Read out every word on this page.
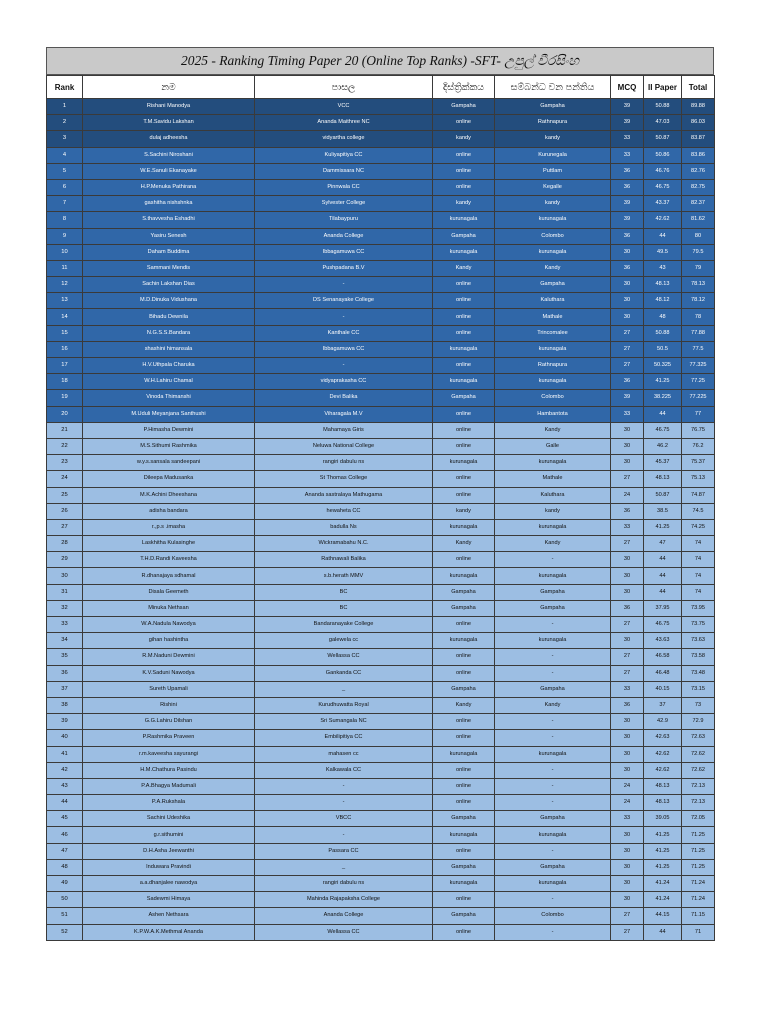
2025 - Ranking Timing Paper 20 (Online Top Ranks) -SFT- උපුල් වීරසිංහ
Rank	නම	පාසල	දිස්ත්‍රික්කය	සම්බන්ධ වන පන්තිය	MCQ	II Paper	Total
1	Rishani Manodya	VCC	Gampaha	Gampaha	39	50.88	89.88
2	T.M.Savidu Lakshan	Ananda Maithree NC	online	Rathnapura	39	47.03	86.03
3	dulaj adheesha	vidyartha college	kandy	kandy	33	50.87	83.87
4	S.Sachini Niroshani	Kuliyapitiya CC	online	Kurunegala	33	50.86	83.86
5	W.E.Sanuli Ekanayake	Dammissara NC	online	Puttlam	36	46.76	82.76
6	H.P.Menuka Pathirana	Pinnwala CC	online	Kegalle	36	46.75	82.75
7	gashitha nishshnka	Sylvester College	kandy	kandy	39	43.37	82.37
8	S.thavvesha Eshadhi	Tilabaypuru	kurunagala	kurunagala	39	42.62	81.62
9	Yasiru Senesh	Ananda College	Gampaha	Colombo	36	44	80
10	Daham Buddima	Ibbagamuwa CC	kurunagala	kurunagala	30	49.5	79.5
11	Sammani Mendis	Pushpadana B.V	Kandy	Kandy	36	43	79
12	Sachin Lakshan Dias	-	online	Gampaha	30	48.13	78.13
13	M.D.Dinuka Vidushana	DS Senanayake College	online	Kaluthara	30	48.12	78.12
14	Bihadu Dewnila	-	online	Mathale	30	48	78
15	N.G.S.S.Bandara	Kanthale CC	online	Trincomalee	27	50.88	77.88
16	shashini himansala	Ibbagamuwa CC	kurunagala	kurunagala	27	50.5	77.5
17	H.V.Uthpala Charuka	-	online	Rathnapura	27	50.325	77.325
18	W.H.Lahiru Chamal	vidyaprakasha CC	kurunagala	kurunagala	36	41.25	77.25
19	Vinoda Thimanshi	Devi Balika	Gampaha	Colombo	39	38.225	77.225
20	M.Uduli Meyanjana Santhushi	Viharagala M.V	online	Hambantota	33	44	77
21	P.Himasha Dewmini	Mahamaya Giris	online	Kandy	30	46.75	76.75
22	M.S.Sithumi Rashmika	Neluwa National College	online	Galle	30	46.2	76.2
23	w.y.s.sansala sandeepani	rangiri dabulu ns	kurunagala	kurunagala	30	45.37	75.37
24	Dileepa Madusanka	St Thomas College	online	Mathale	27	48.13	75.13
25	M.K.Achini Dheeshana	Ananda sastralaya Mathugama	online	Kaluthara	24	50.87	74.87
26	adisha bandara	hewaheta CC	kandy	kandy	36	38.5	74.5
27	r.,p.s .imasha	badulla Ns	kurunagala	kurunagala	33	41.25	74.25
28	Laskhitha Kulasinghe	Wickramabahu N.C.	Kandy	Kandy	27	47	74
29	T.H.D.Randi Kaveesha	Rathnawali Balika	online	-	30	44	74
30	R.dhanajaya sdhamal	s.b.herath MMV	kurunagala	kurunagala	30	44	74
31	Disala Geemeth	BC	Gampaha	Gampaha	30	44	74
32	Minuka Nethsan	BC	Gampaha	Gampaha	36	37.95	73.95
33	W.A.Nadula Nawodya	Bandaranayake College	online	-	27	46.75	73.75
34	gihan hashintha	galewela cc	kurunagala	kurunagala	30	43.63	73.63
35	R.M.Naduni Dewmini	Wellassa CC	online	-	27	46.58	73.58
36	K.V.Saduni Nawodya	Gankanda CC	online	-	27	46.48	73.48
37	Sureth Upamali	_	Gampaha	Gampaha	33	40.15	73.15
38	Rishini	Kurudhuwatta Royal	Kandy	Kandy	36	37	73
39	G.G.Lahiru Dilshan	Sri Sumangala NC	online	-	30	42.9	72.9
40	P.Rashmika Praveen	Embilipitiya CC	online	-	30	42.63	72.63
41	r.m.kaveesha sayurangi	mahasen cc	kurunagala	kurunagala	30	42.62	72.62
42	H.M.Chathura Pasindu	Kalkawala CC	online	-	30	42.62	72.62
43	P.A.Bhagya Madumali	-	online	-	24	48.13	72.13
44	P.A.Rukshala	-	online	-	24	48.13	72.13
45	Sachini Udeshika	VBCC	Gampaha	Gampaha	33	39.05	72.05
46	g.r.sithumini	-	kurunagala	kurunagala	30	41.25	71.25
47	D.H.Asha Jeewanthi	Passara CC	online	-	30	41.25	71.25
48	Induwara Pravindi	_	Gampaha	Gampaha	30	41.25	71.25
49	a.a.dhanjalee nawodya	rangiri dabulu ns	kurunagala	kurunagala	30	41.24	71.24
50	Sadewmi Himaya	Mahinda Rajapaksha College	online	-	30	41.24	71.24
51	Ashen Nethsara	Ananda College	Gampaha	Colombo	27	44.15	71.15
52	K.P.W.A.K.Methmal Ananda	Wellassa CC	online	-	27	44	71
